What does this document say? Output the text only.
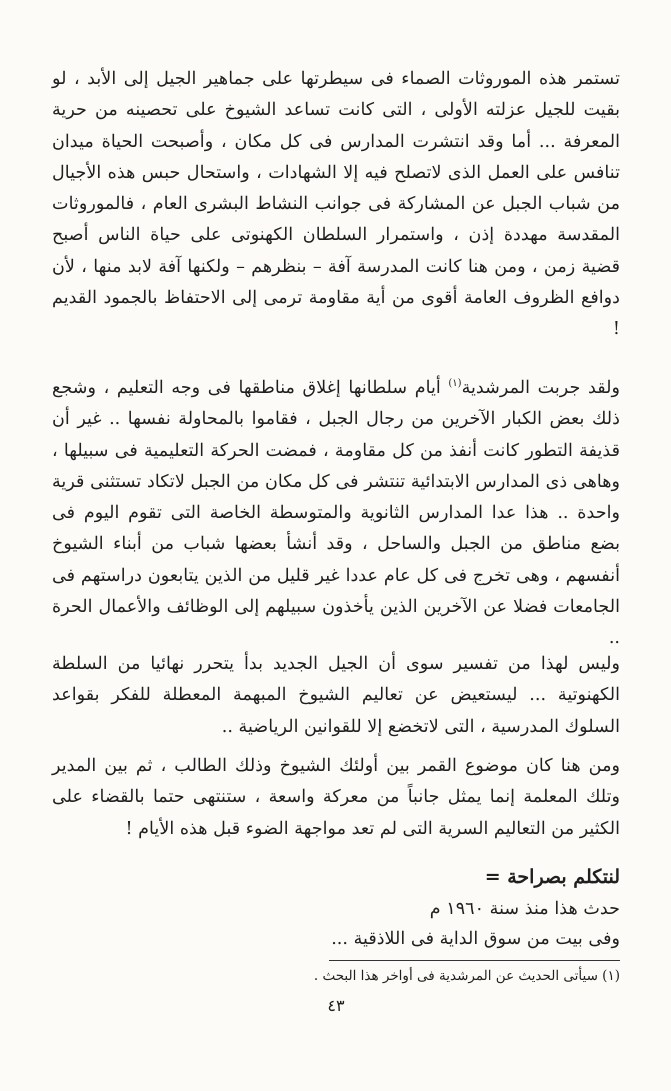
تستمر هذه الموروثات الصماء فى سيطرتها على جماهير الجيل إلى الأبد ، لو بقيت للجيل عزلته الأولى ، التى كانت تساعد الشيوخ على تحصينه من حرية المعرفة ... أما وقد انتشرت المدارس فى كل مكان ، وأصبحت الحياة ميدان تنافس على العمل الذى لاتصلح فيه إلا الشهادات ، واستحال حبس هذه الأجيال من شباب الجبل عن المشاركة فى جوانب النشاط البشرى العام ، فالموروثات المقدسة مهددة إذن ، واستمرار السلطان الكهنوتى على حياة الناس أصبح قضية زمن ، ومن هنا كانت المدرسة آفة – بنظرهم – ولكنها آفة لابد منها ، لأن دوافع الظروف العامة أقوى من أية مقاومة ترمى إلى الاحتفاظ بالجمود القديم !

ولقد جربت المرشدية$^{(١)}$ أيام سلطانها إغلاق مناطقها فى وجه التعليم ، وشجع ذلك بعض الكبار الآخرين من رجال الجبل ، فقاموا بالمحاولة نفسها .. غير أن قذيفة التطور كانت أنفذ من كل مقاومة ، فمضت الحركة التعليمية فى سبيلها ، وهاهى ذى المدارس الابتدائية تنتشر فى كل مكان من الجبل لاتكاد تستثنى قرية واحدة .. هذا عدا المدارس الثانوية والمتوسطة الخاصة التى تقوم اليوم فى بضع مناطق من الجبل والساحل ، وقد أنشأ بعضها شباب من أبناء الشيوخ أنفسهم ، وهى تخرج فى كل عام عددا غير قليل من الذين يتابعون دراستهم فى الجامعات فضلا عن الآخرين الذين يأخذون سبيلهم إلى الوظائف والأعمال الحرة ..

وليس لهذا من تفسير سوى أن الجيل الجديد بدأ يتحرر نهائيا من السلطة الكهنوتية ... ليستعيض عن تعاليم الشيوخ المبهمة المعطلة للفكر بقواعد السلوك المدرسية ، التى لاتخضع إلا للقوانين الرياضية ..

ومن هنا كان موضوع القمر بين أولئك الشيوخ وذلك الطالب ، ثم بين المدير وتلك المعلمة إنما يمثل جانباً من معركة واسعة ، ستنتهى حتما بالقضاء على الكثير من التعاليم السرية التى لم تعد مواجهة الضوء قبل هذه الأيام !

لنتكلم بصراحة =

حدث هذا منذ سنة ١٩٦٠ م

وفى بيت من سوق الداية فى اللاذقية ...

(١) سيأتى الحديث عن المرشدية فى أواخر هذا البحث .

٤٣
